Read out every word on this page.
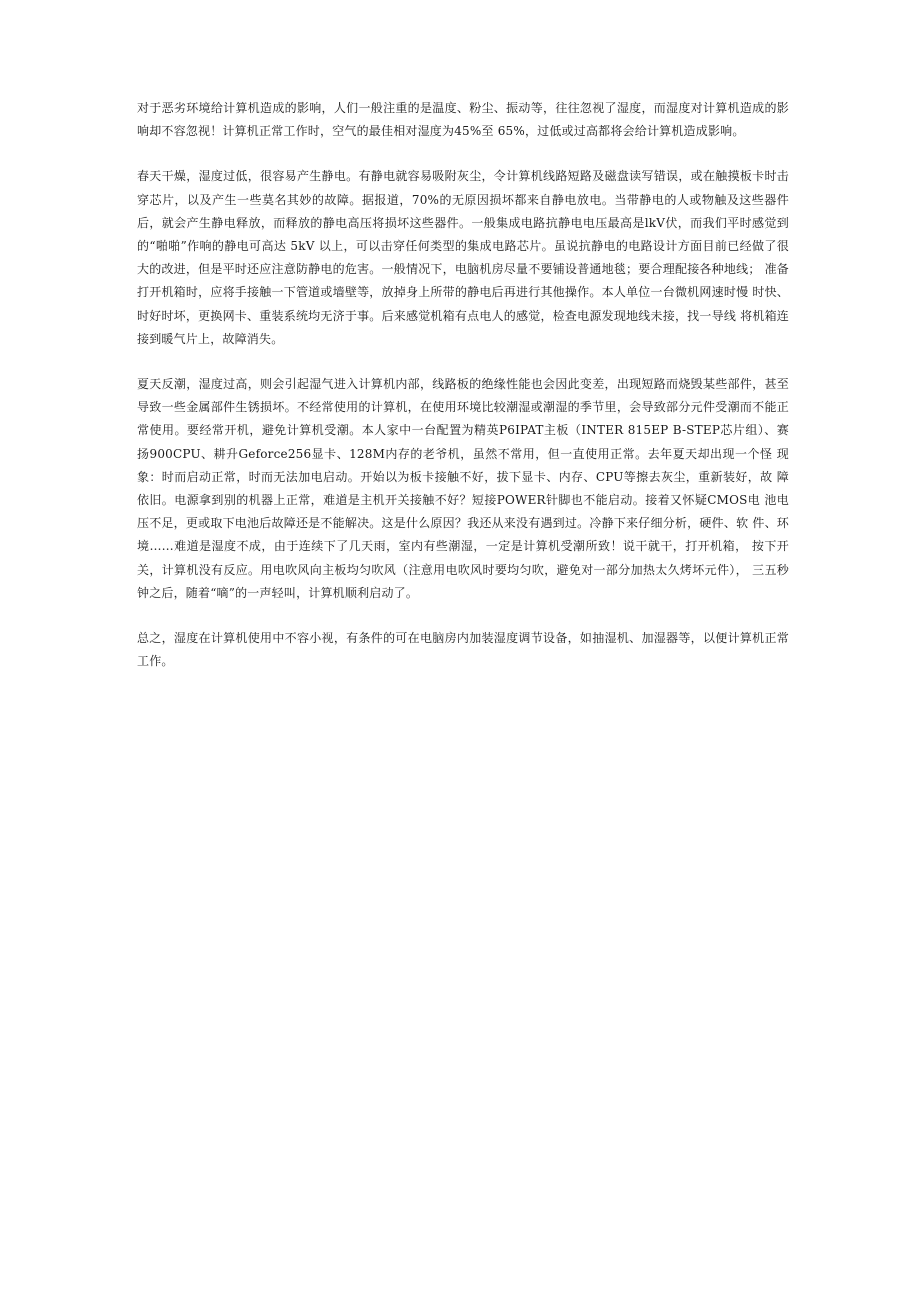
对于恶劣环境给计算机造成的影响，人们一般注重的是温度、粉尘、振动等，往往忽视了湿度，而湿度对计算机造成的影响却不容忽视！计算机正常工作时，空气的最佳相对湿度为45%至 65%，过低或过高都将会给计算机造成影响。

春天干燥，湿度过低，很容易产生静电。有静电就容易吸附灰尘，令计算机线路短路及磁盘读写错误，或在触摸板卡时击穿芯片，以及产生一些莫名其妙的故障。据报道，70%的无原因损坏都来自静电放电。当带静电的人或物触及这些器件后，就会产生静电释放，而释放的静电高压将损坏这些器件。一般集成电路抗静电电压最高是lkV伏，而我们平时感觉到的“啪啪”作响的静电可高达 5kV 以上，可以击穿任何类型的集成电路芯片。虽说抗静电的电路设计方面目前已经做了很大的改进，但是平时还应注意防静电的危害。一般情况下，电脑机房尽量不要铺设普通地毯；要合理配接各种地线； 准备打开机箱时，应将手接触一下管道或墙壁等，放掉身上所带的静电后再进行其他操作。本人单位一台微机网速时慢 时快、时好时坏，更换网卡、重装系统均无济于事。后来感觉机箱有点电人的感觉，检查电源发现地线未接，找一导线 将机箱连接到暖气片上，故障消失。

夏天反潮，湿度过高，则会引起湿气进入计算机内部，线路板的绝缘性能也会因此变差，出现短路而烧毁某些部件，甚至导致一些金属部件生锈损坏。不经常使用的计算机，在使用环境比较潮湿或潮湿的季节里，会导致部分元件受潮而不能正常使用。要经常开机，避免计算机受潮。本人家中一台配置为精英P6IPAT主板（INTER 815EP B-STEP芯片组）、赛扬900CPU、耕升Geforce256显卡、128M内存的老爷机，虽然不常用，但一直使用正常。去年夏天却出现一个怪 现象：时而启动正常，时而无法加电启动。开始以为板卡接触不好，拔下显卡、内存、CPU等擦去灰尘，重新装好，故 障依旧。电源拿到别的机器上正常，难道是主机开关接触不好？短接POWER针脚也不能启动。接着又怀疑CMOS电 池电压不足，更或取下电池后故障还是不能解决。这是什么原因？我还从来没有遇到过。冷静下来仔细分析，硬件、软 件、环境……难道是湿度不成，由于连续下了几天雨，室内有些潮湿，一定是计算机受潮所致！说干就干，打开机箱， 按下开关，计算机没有反应。用电吹风向主板均匀吹风（注意用电吹风时要均匀吹，避免对一部分加热太久烤坏元件）， 三五秒钟之后，随着“嘀”的一声轻叫，计算机顺利启动了。

总之，湿度在计算机使用中不容小视，有条件的可在电脑房内加装湿度调节设备，如抽湿机、加湿器等，以便计算机正常工作。
